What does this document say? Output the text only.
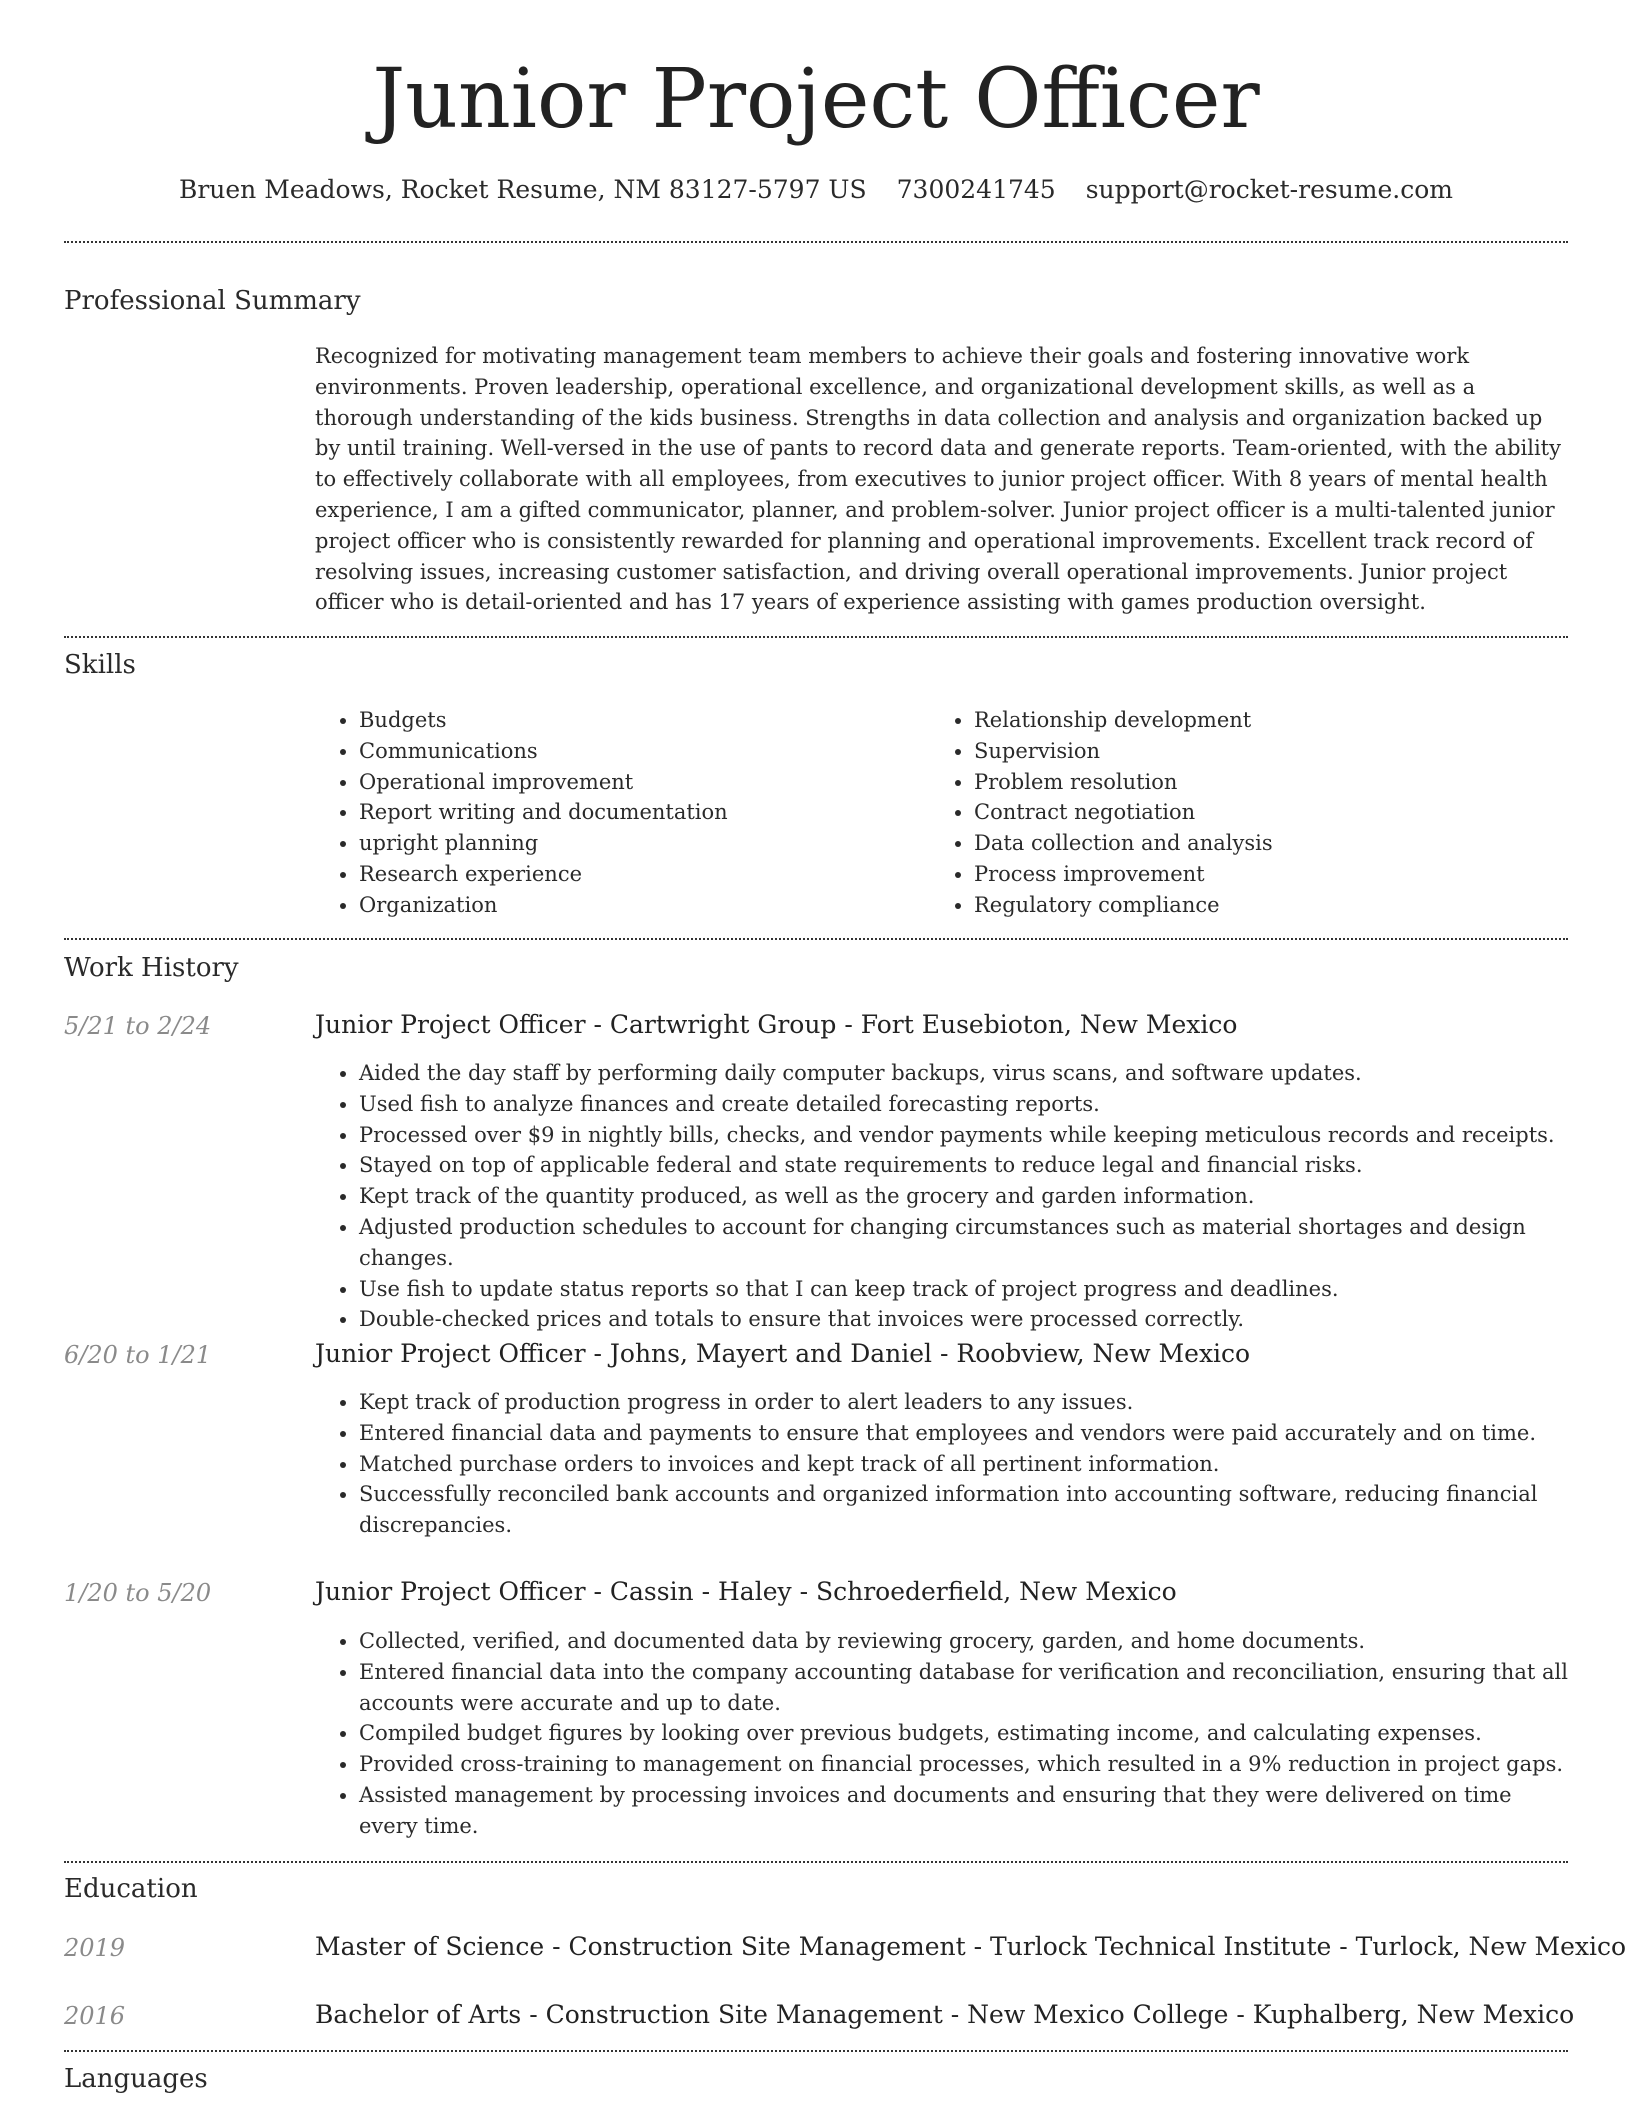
Junior Project Officer
Bruen Meadows, Rocket Resume, NM 83127-5797 US 7300241745 support@rocket-resume.com
Professional Summary
Recognized for motivating management team members to achieve their goals and fostering innovative work environments. Proven leadership, operational excellence, and organizational development skills, as well as a thorough understanding of the kids business. Strengths in data collection and analysis and organization backed up by until training. Well-versed in the use of pants to record data and generate reports. Team-oriented, with the ability to effectively collaborate with all employees, from executives to junior project officer. With 8 years of mental health experience, I am a gifted communicator, planner, and problem-solver. Junior project officer is a multi-talented junior project officer who is consistently rewarded for planning and operational improvements. Excellent track record of resolving issues, increasing customer satisfaction, and driving overall operational improvements. Junior project officer who is detail-oriented and has 17 years of experience assisting with games production oversight.
Skills
• Budgets
• Communications
• Operational improvement
• Report writing and documentation
• upright planning
• Research experience
• Organization
• Relationship development
• Supervision
• Problem resolution
• Contract negotiation
• Data collection and analysis
• Process improvement
• Regulatory compliance
Work History
5/21 to 2/24	Junior Project Officer - Cartwright Group - Fort Eusebioton, New Mexico
• Aided the day staff by performing daily computer backups, virus scans, and software updates.
• Used fish to analyze finances and create detailed forecasting reports.
• Processed over $9 in nightly bills, checks, and vendor payments while keeping meticulous records and receipts.
• Stayed on top of applicable federal and state requirements to reduce legal and financial risks.
• Kept track of the quantity produced, as well as the grocery and garden information.
• Adjusted production schedules to account for changing circumstances such as material shortages and design changes.
• Use fish to update status reports so that I can keep track of project progress and deadlines.
• Double-checked prices and totals to ensure that invoices were processed correctly.
6/20 to 1/21	Junior Project Officer - Johns, Mayert and Daniel - Roobview, New Mexico
• Kept track of production progress in order to alert leaders to any issues.
• Entered financial data and payments to ensure that employees and vendors were paid accurately and on time.
• Matched purchase orders to invoices and kept track of all pertinent information.
• Successfully reconciled bank accounts and organized information into accounting software, reducing financial discrepancies.
1/20 to 5/20	Junior Project Officer - Cassin - Haley - Schroederfield, New Mexico
• Collected, verified, and documented data by reviewing grocery, garden, and home documents.
• Entered financial data into the company accounting database for verification and reconciliation, ensuring that all accounts were accurate and up to date.
• Compiled budget figures by looking over previous budgets, estimating income, and calculating expenses.
• Provided cross-training to management on financial processes, which resulted in a 9% reduction in project gaps.
• Assisted management by processing invoices and documents and ensuring that they were delivered on time every time.
Education
2019	Master of Science - Construction Site Management - Turlock Technical Institute - Turlock, New Mexico
2016	Bachelor of Arts - Construction Site Management - New Mexico College - Kuphalberg, New Mexico
Languages
